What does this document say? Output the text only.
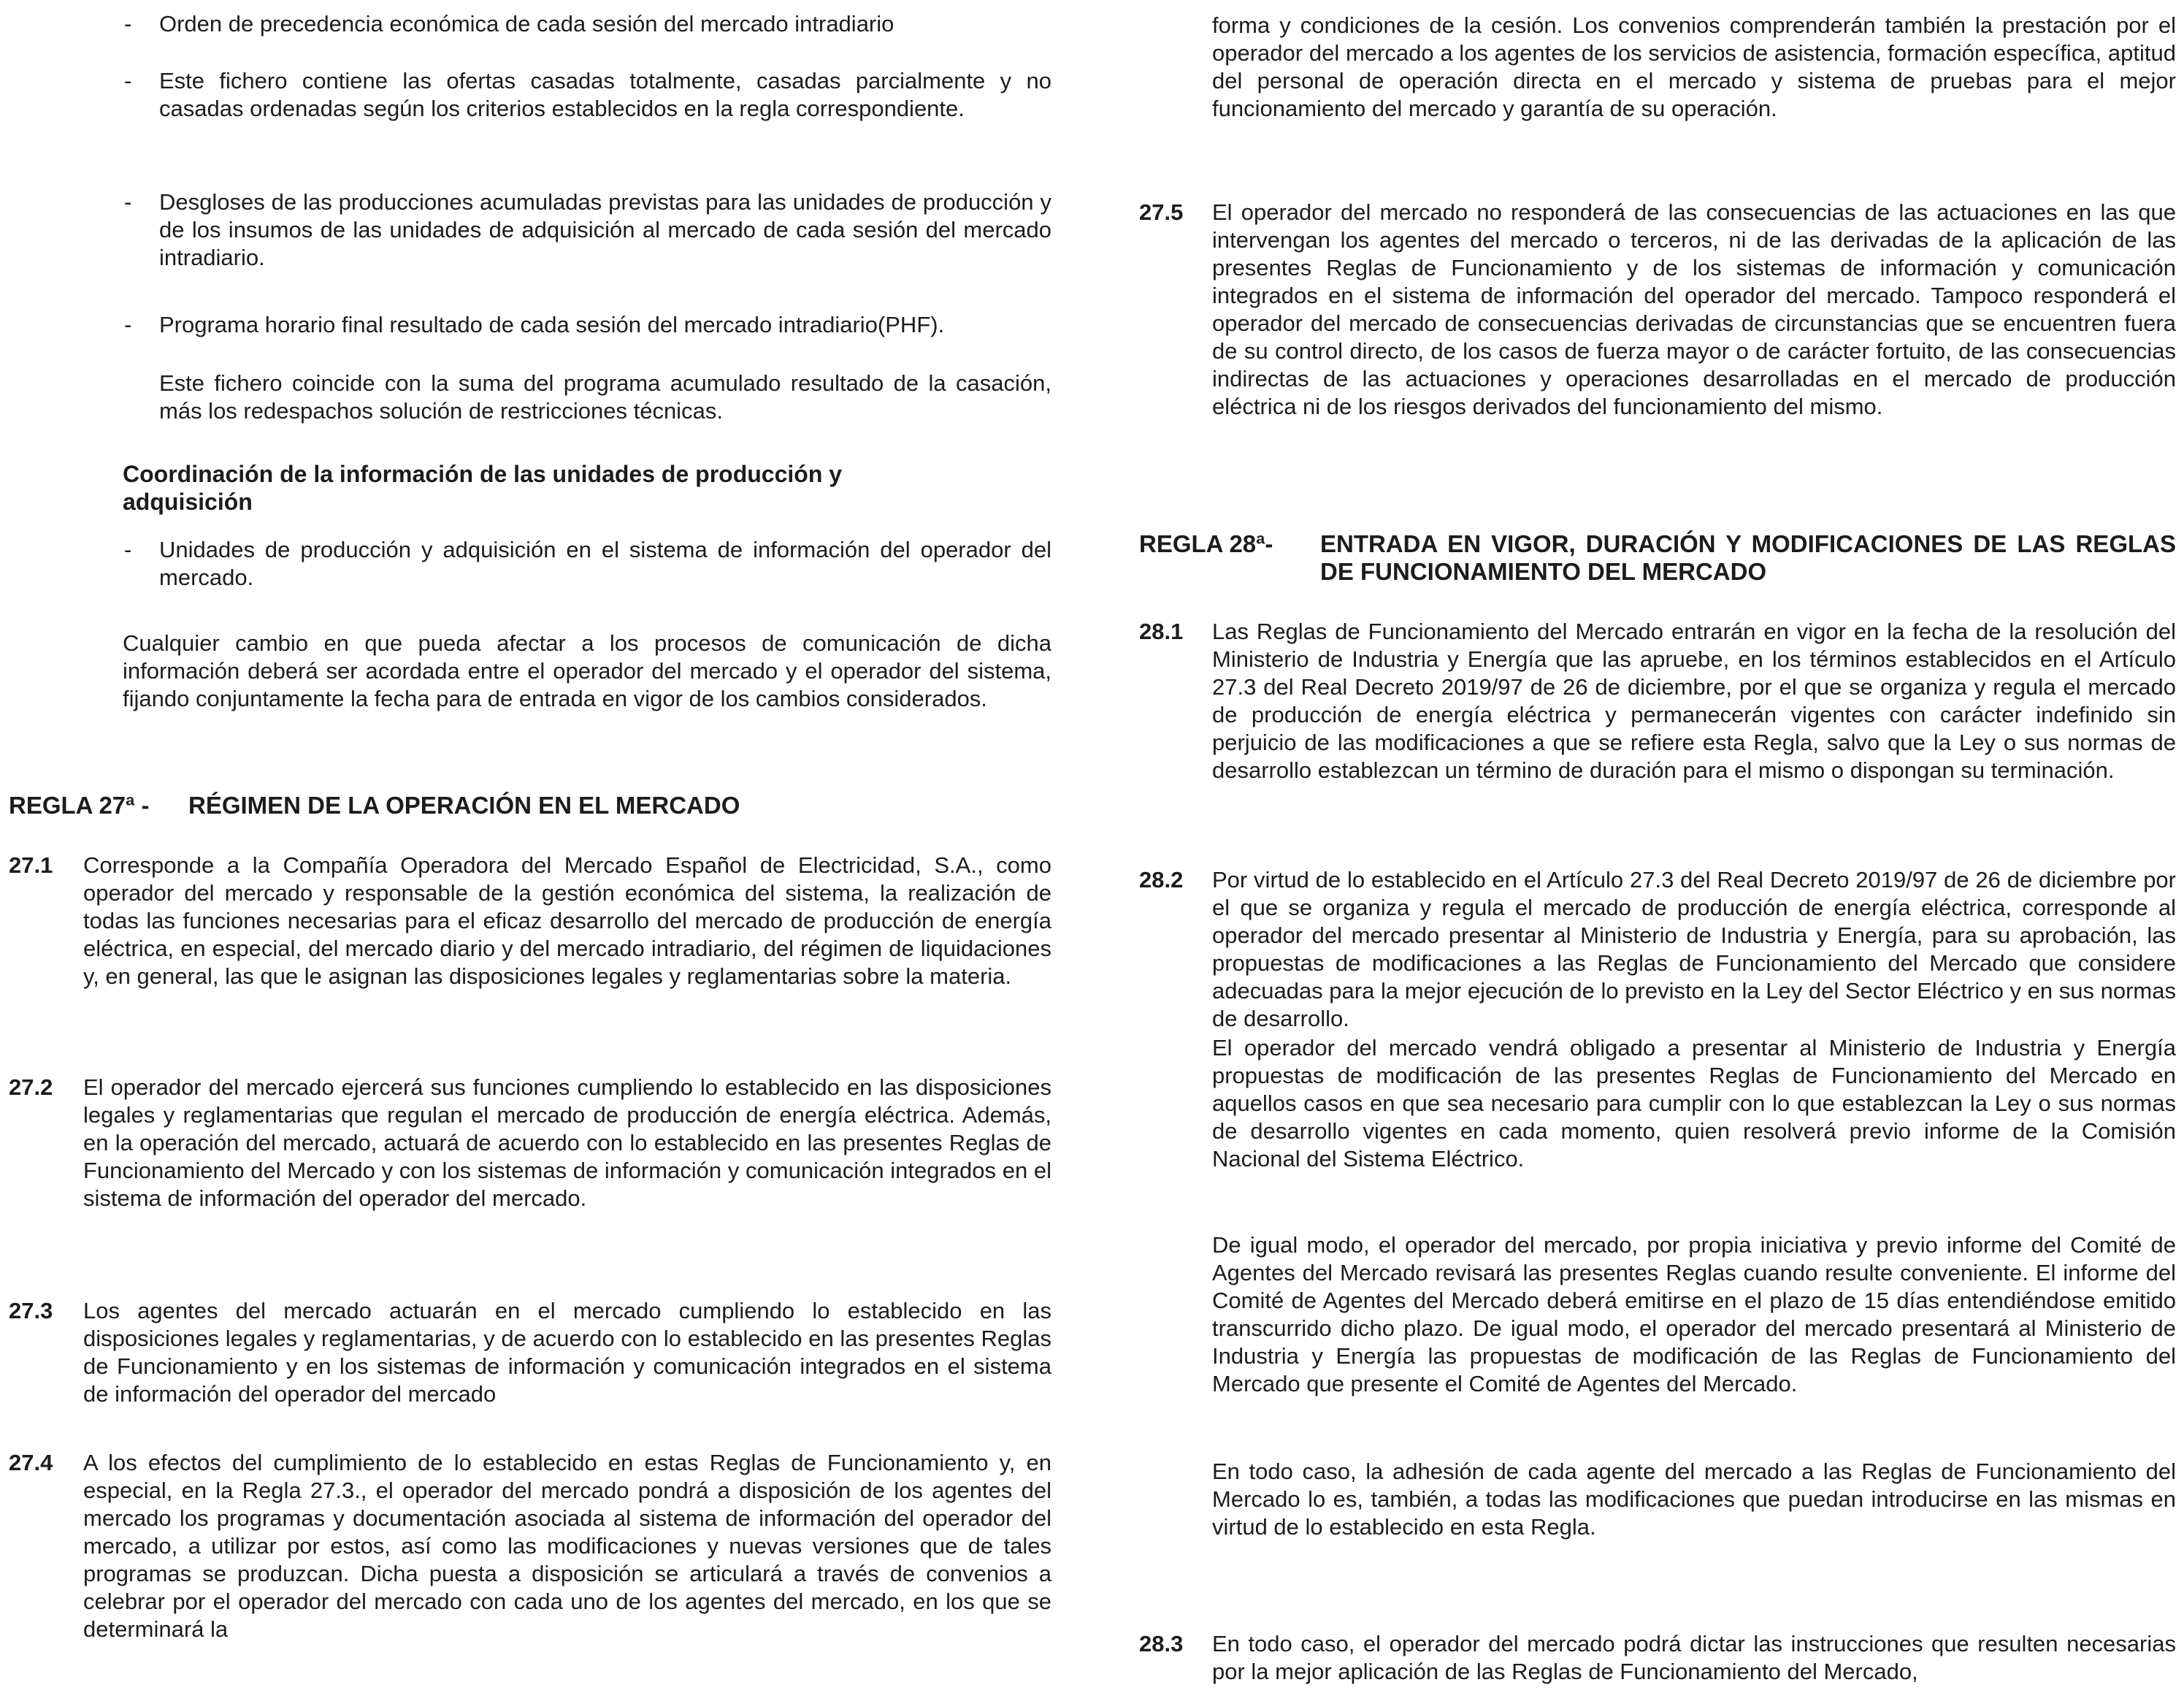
- Orden de precedencia económica de cada sesión del mercado intradiario
- Este fichero contiene las ofertas casadas totalmente, casadas parcialmente y no casadas ordenadas según los criterios establecidos en la regla correspondiente.
- Desgloses de las producciones acumuladas previstas para las unidades de producción y de los insumos de las unidades de adquisición al mercado de cada sesión del mercado intradiario.
- Programa horario final resultado de cada sesión del mercado intradiario(PHF).
Este fichero coincide con la suma del programa acumulado resultado de la casación, más los redespachos solución de restricciones técnicas.
Coordinación de la información de las unidades de producción y adquisición
- Unidades de producción y adquisición en el sistema de información del operador del mercado.
Cualquier cambio en que pueda afectar a los procesos de comunicación de dicha información deberá ser acordada entre el operador del mercado y el operador del sistema, fijando conjuntamente la fecha para de entrada en vigor de los cambios considerados.
REGLA 27ª - RÉGIMEN DE LA OPERACIÓN EN EL MERCADO
27.1 Corresponde a la Compañía Operadora del Mercado Español de Electricidad, S.A., como operador del mercado y responsable de la gestión económica del sistema, la realización de todas las funciones necesarias para el eficaz desarrollo del mercado de producción de energía eléctrica, en especial, del mercado diario y del mercado intradiario, del régimen de liquidaciones y, en general, las que le asignan las disposiciones legales y reglamentarias sobre la materia.
27.2 El operador del mercado ejercerá sus funciones cumpliendo lo establecido en las disposiciones legales y reglamentarias que regulan el mercado de producción de energía eléctrica. Además, en la operación del mercado, actuará de acuerdo con lo establecido en las presentes Reglas de Funcionamiento del Mercado y con los sistemas de información y comunicación integrados en el sistema de información del operador del mercado.
27.3 Los agentes del mercado actuarán en el mercado cumpliendo lo establecido en las disposiciones legales y reglamentarias, y de acuerdo con lo establecido en las presentes Reglas de Funcionamiento y en los sistemas de información y comunicación integrados en el sistema de información del operador del mercado
27.4 A los efectos del cumplimiento de lo establecido en estas Reglas de Funcionamiento y, en especial, en la Regla 27.3., el operador del mercado pondrá a disposición de los agentes del mercado los programas y documentación asociada al sistema de información del operador del mercado, a utilizar por estos, así como las modificaciones y nuevas versiones que de tales programas se produzcan. Dicha puesta a disposición se articulará a través de convenios a celebrar por el operador del mercado con cada uno de los agentes del mercado, en los que se determinará la
forma y condiciones de la cesión. Los convenios comprenderán también la prestación por el operador del mercado a los agentes de los servicios de asistencia, formación específica, aptitud del personal de operación directa en el mercado y sistema de pruebas para el mejor funcionamiento del mercado y garantía de su operación.
27.5 El operador del mercado no responderá de las consecuencias de las actuaciones en las que intervengan los agentes del mercado o terceros, ni de las derivadas de la aplicación de las presentes Reglas de Funcionamiento y de los sistemas de información y comunicación integrados en el sistema de información del operador del mercado. Tampoco responderá el operador del mercado de consecuencias derivadas de circunstancias que se encuentren fuera de su control directo, de los casos de fuerza mayor o de carácter fortuito, de las consecuencias indirectas de las actuaciones y operaciones desarrolladas en el mercado de producción eléctrica ni de los riesgos derivados del funcionamiento del mismo.
REGLA 28ª- ENTRADA EN VIGOR, DURACIÓN Y MODIFICACIONES DE LAS REGLAS DE FUNCIONAMIENTO DEL MERCADO
28.1 Las Reglas de Funcionamiento del Mercado entrarán en vigor en la fecha de la resolución del Ministerio de Industria y Energía que las apruebe, en los términos establecidos en el Artículo 27.3 del Real Decreto 2019/97 de 26 de diciembre, por el que se organiza y regula el mercado de producción de energía eléctrica y permanecerán vigentes con carácter indefinido sin perjuicio de las modificaciones a que se refiere esta Regla, salvo que la Ley o sus normas de desarrollo establezcan un término de duración para el mismo o dispongan su terminación.
28.2 Por virtud de lo establecido en el Artículo 27.3 del Real Decreto 2019/97 de 26 de diciembre por el que se organiza y regula el mercado de producción de energía eléctrica, corresponde al operador del mercado presentar al Ministerio de Industria y Energía, para su aprobación, las propuestas de modificaciones a las Reglas de Funcionamiento del Mercado que considere adecuadas para la mejor ejecución de lo previsto en la Ley del Sector Eléctrico y en sus normas de desarrollo.
El operador del mercado vendrá obligado a presentar al Ministerio de Industria y Energía propuestas de modificación de las presentes Reglas de Funcionamiento del Mercado en aquellos casos en que sea necesario para cumplir con lo que establezcan la Ley o sus normas de desarrollo vigentes en cada momento, quien resolverá previo informe de la Comisión Nacional del Sistema Eléctrico.
De igual modo, el operador del mercado, por propia iniciativa y previo informe del Comité de Agentes del Mercado revisará las presentes Reglas cuando resulte conveniente. El informe del Comité de Agentes del Mercado deberá emitirse en el plazo de 15 días entendiéndose emitido transcurrido dicho plazo. De igual modo, el operador del mercado presentará al Ministerio de Industria y Energía las propuestas de modificación de las Reglas de Funcionamiento del Mercado que presente el Comité de Agentes del Mercado.
En todo caso, la adhesión de cada agente del mercado a las Reglas de Funcionamiento del Mercado lo es, también, a todas las modificaciones que puedan introducirse en las mismas en virtud de lo establecido en esta Regla.
28.3 En todo caso, el operador del mercado podrá dictar las instrucciones que resulten necesarias por la mejor aplicación de las Reglas de Funcionamiento del Mercado,
